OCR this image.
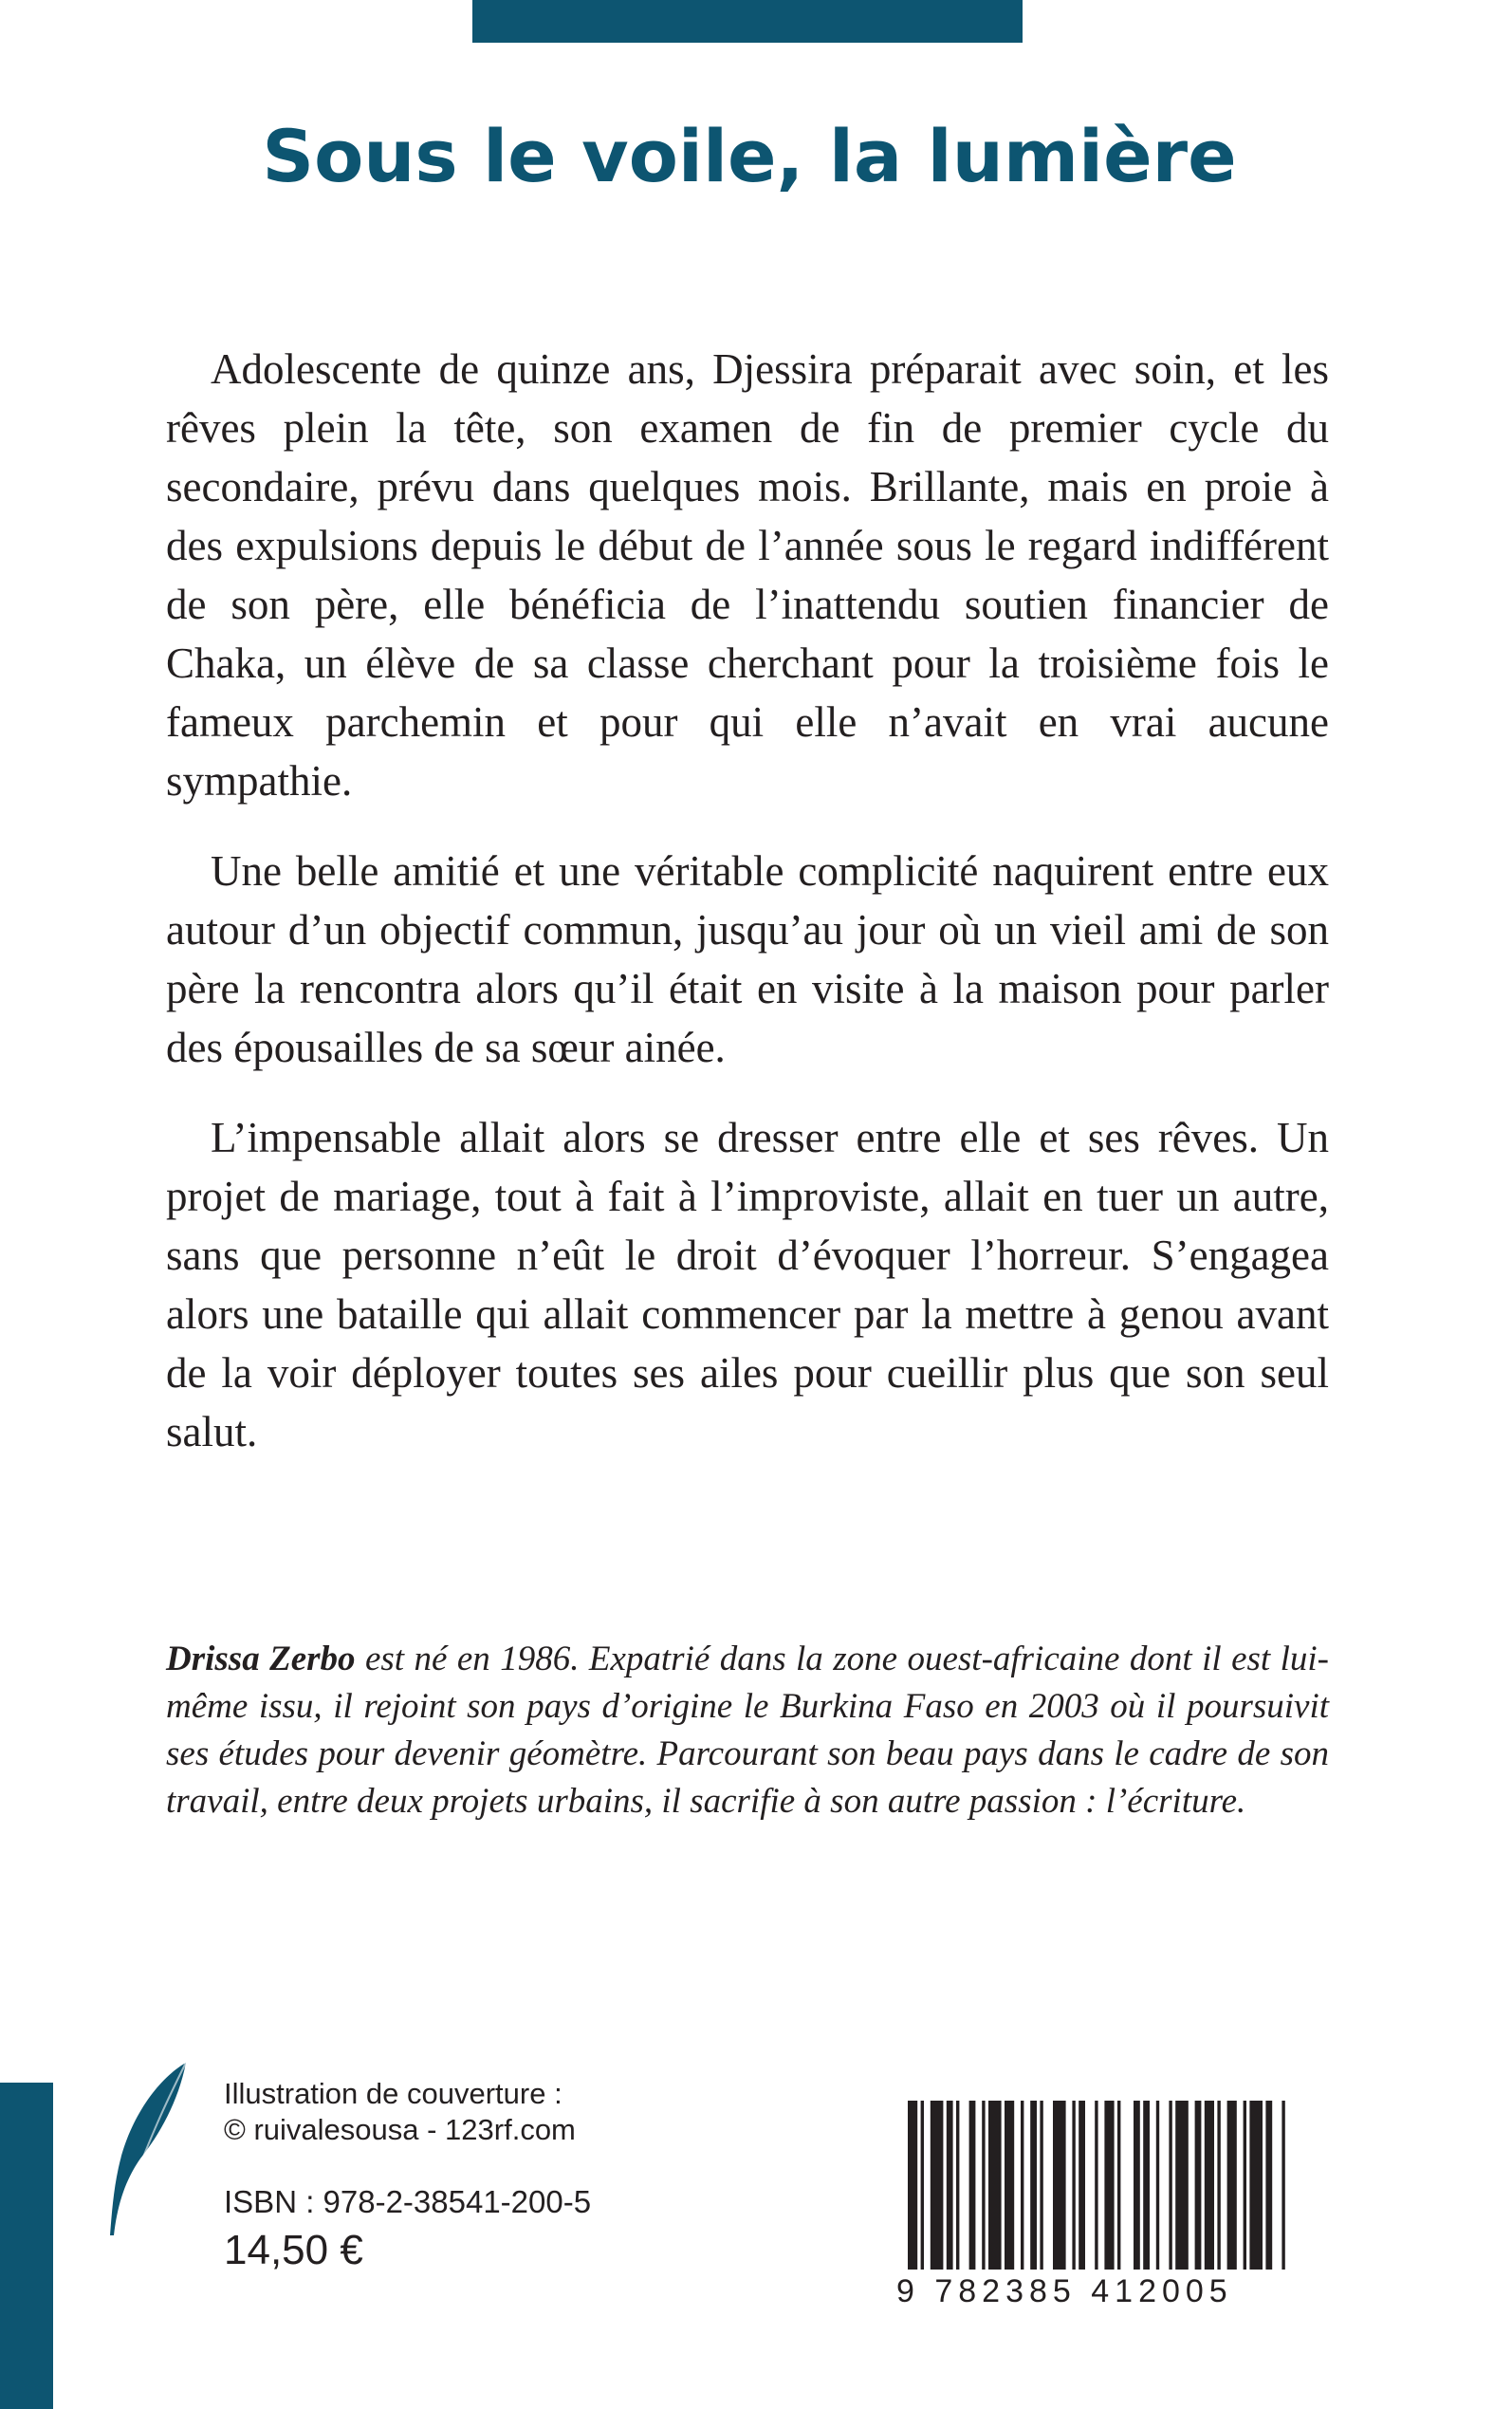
Sous le voile, la lumière

Adolescente de quinze ans, Djessira préparait avec soin, et les rêves plein la tête, son examen de fin de premier cycle du secondaire, prévu dans quelques mois. Brillante, mais en proie à des expulsions depuis le début de l’année sous le regard indifférent de son père, elle bénéficia de l’inattendu soutien financier de Chaka, un élève de sa classe cherchant pour la troisième fois le fameux parchemin et pour qui elle n’avait en vrai aucune sympathie.

Une belle amitié et une véritable complicité naquirent entre eux autour d’un objectif commun, jusqu’au jour où un vieil ami de son père la rencontra alors qu’il était en visite à la maison pour parler des épousailles de sa sœur ainée.

L’impensable allait alors se dresser entre elle et ses rêves. Un projet de mariage, tout à fait à l’improviste, allait en tuer un autre, sans que personne n’eût le droit d’évoquer l’horreur. S’engagea alors une bataille qui allait commencer par la mettre à genou avant de la voir déployer toutes ses ailes pour cueillir plus que son seul salut.

Drissa Zerbo est né en 1986. Expatrié dans la zone ouest-africaine dont il est lui-même issu, il rejoint son pays d’origine le Burkina Faso en 2003 où il poursuivit ses études pour devenir géomètre. Parcourant son beau pays dans le cadre de son travail, entre deux projets urbains, il sacrifie à son autre passion : l’écriture.

Illustration de couverture :
© ruivalesousa - 123rf.com
ISBN : 978-2-38541-200-5
14,50 €
9 782385 412005
